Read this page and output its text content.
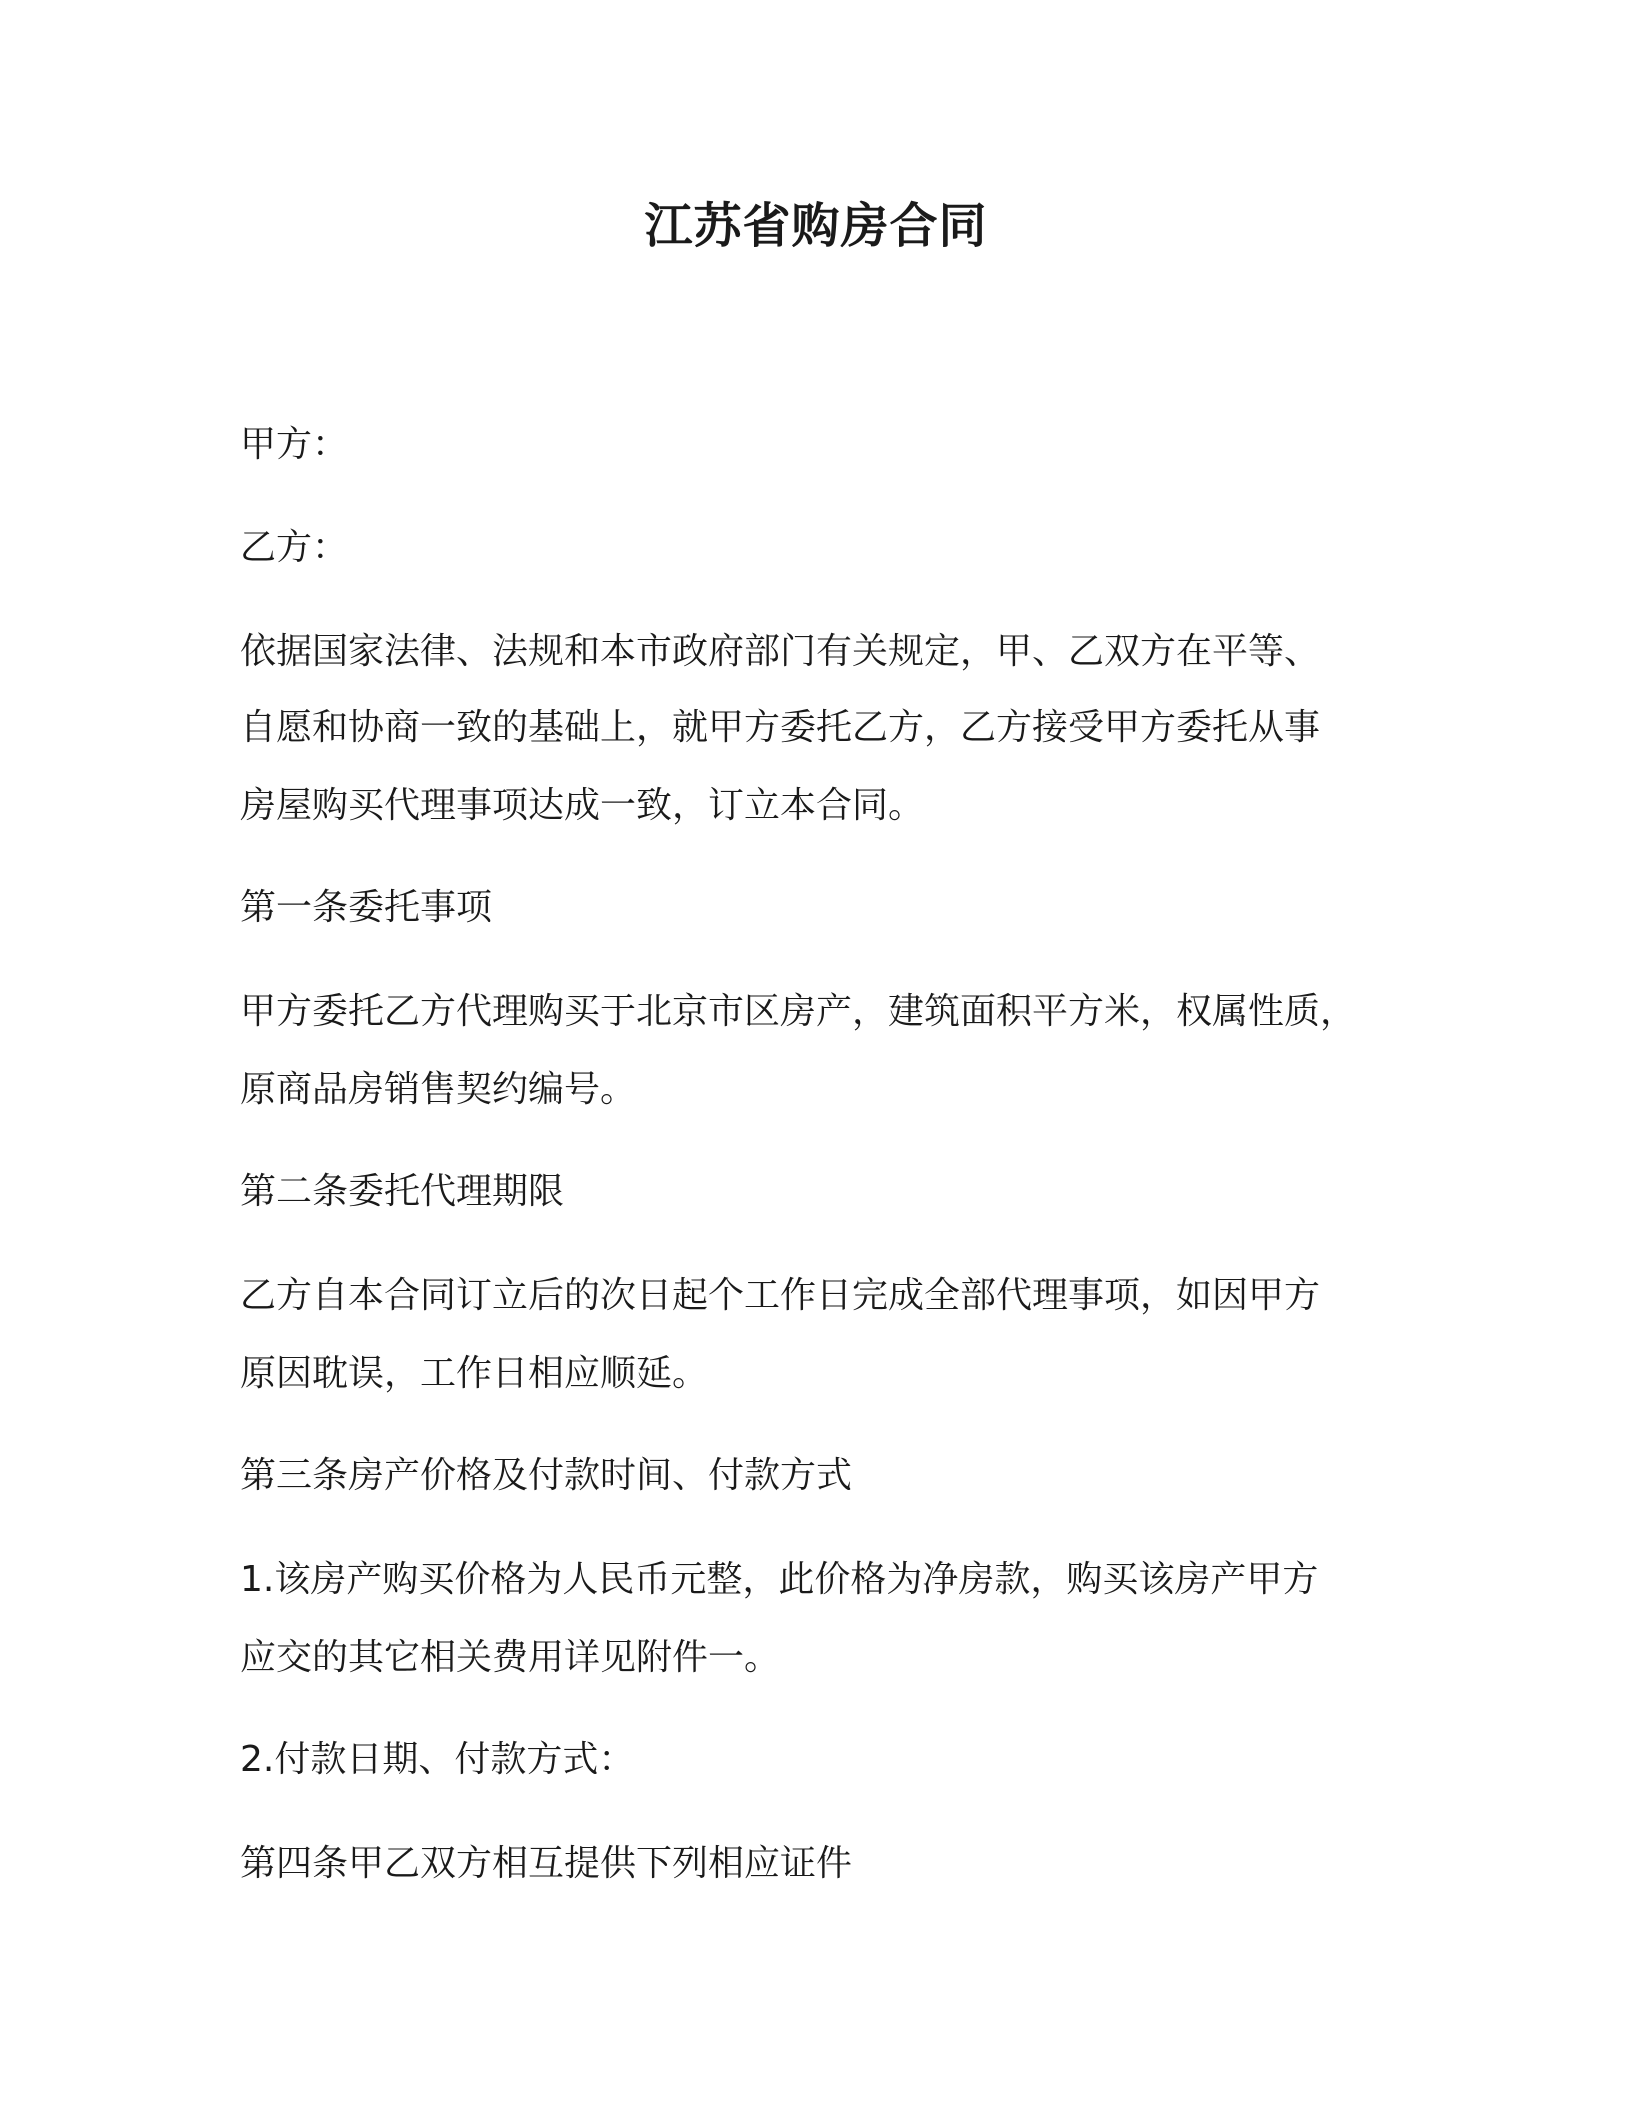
江苏省购房合同
甲方：
乙方：
依据国家法律、法规和本市政府部门有关规定，甲、乙双方在平等、
自愿和协商一致的基础上，就甲方委托乙方，乙方接受甲方委托从事
房屋购买代理事项达成一致，订立本合同。
第一条委托事项
甲方委托乙方代理购买于北京市区房产，建筑面积平方米，权属性质，
原商品房销售契约编号。
第二条委托代理期限
乙方自本合同订立后的次日起个工作日完成全部代理事项，如因甲方
原因耽误，工作日相应顺延。
第三条房产价格及付款时间、付款方式
1.该房产购买价格为人民币元整，此价格为净房款，购买该房产甲方
应交的其它相关费用详见附件一。
2.付款日期、付款方式：
第四条甲乙双方相互提供下列相应证件
